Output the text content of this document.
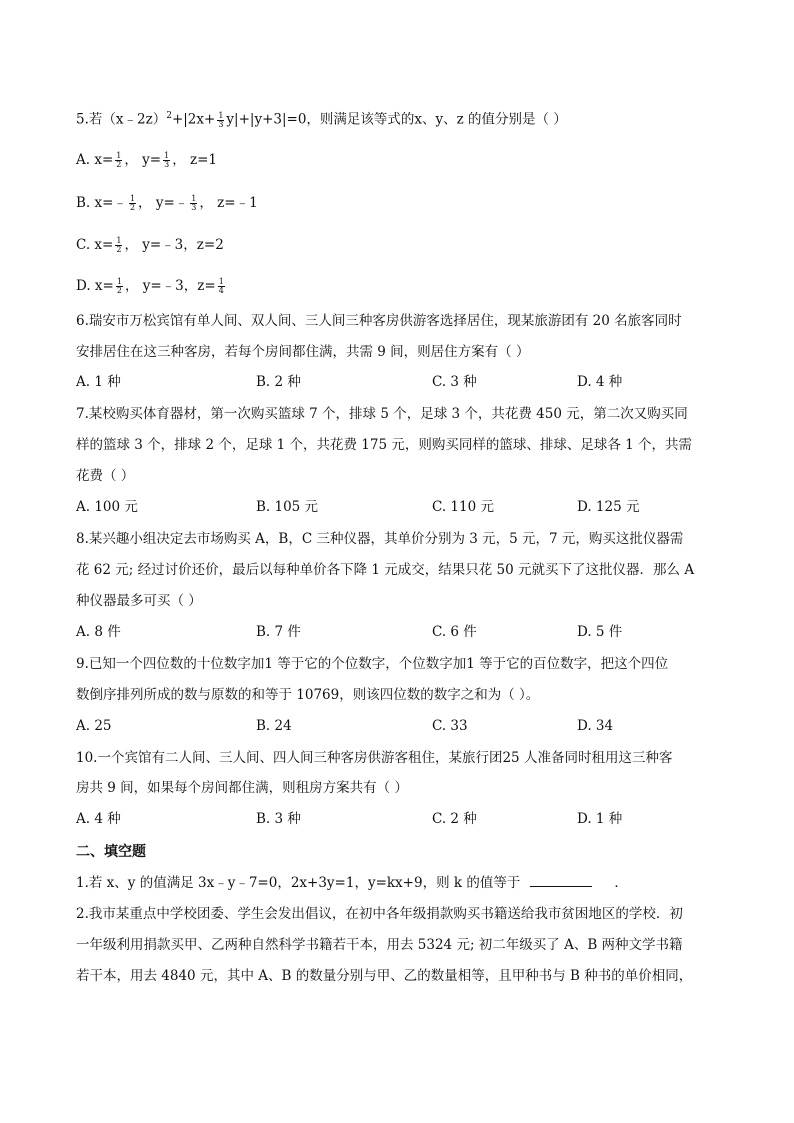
5.若（x﹣2z）$^2$+|2x+ $\frac{1}{3} y|+|y+3|=0$，则满足该等式的x、y、z 的值分别是（ ）
A. $x= \frac{1}{2}$ ， $y= \frac{1}{3}$ ， z=1
B. x=﹣ $\frac{1}{2}$ ， y=﹣ $\frac{1}{3}$ ， z=﹣1
C. $x= \frac{1}{2}$ ， y=﹣3，z=2
D. $x= \frac{1}{2}$ ， y=﹣3，$z= \frac{1}{4}$
6.瑞安市万松宾馆有单人间、双人间、三人间三种客房供游客选择居住，现某旅游团有 20 名旅客同时
安排居住在这三种客房，若每个房间都住满，共需 9 间，则居住方案有（ ）
A. 1 种	B. 2 种	C. 3 种	D. 4 种
7.某校购买体育器材，第一次购买篮球 7 个，排球 5 个，足球 3 个，共花费 450 元，第二次又购买同
样的篮球 3 个，排球 2 个，足球 1 个，共花费 175 元，则购买同样的篮球、排球、足球各 1 个，共需
花费（ ）
A. 100 元	B. 105 元	C. 110 元	D. 125 元
8.某兴趣小组决定去市场购买 A，B，C 三种仪器，其单价分别为 3 元，5 元，7 元，购买这批仪器需
花 62 元; 经过讨价还价，最后以每种单价各下降 1 元成交，结果只花 50 元就买下了这批仪器．那么 A
种仪器最多可买（ ）
A. 8 件	B. 7 件	C. 6 件	D. 5 件
9.已知一个四位数的十位数字加1 等于它的个位数字，个位数字加1 等于它的百位数字，把这个四位
数倒序排列所成的数与原数的和等于 10769，则该四位数的数字之和为（ ）。
A. 25	B. 24	C. 33	D. 34
10.一个宾馆有二人间、三人间、四人间三种客房供游客租住，某旅行团25 人准备同时租用这三种客
房共 9 间，如果每个房间都住满，则租房方案共有（ ）
A. 4 种	B. 3 种	C. 2 种	D. 1 种
二、填空题
1.若 x、y 的值满足 3x﹣y﹣7=0，2x+3y=1，y=kx+9，则 k 的值等于	．
2.我市某重点中学校团委、学生会发出倡议，在初中各年级捐款购买书籍送给我市贫困地区的学校．初
一年级利用捐款买甲、乙两种自然科学书籍若干本，用去 5324 元; 初二年级买了 A、B 两种文学书籍
若干本，用去 4840 元，其中 A、B 的数量分别与甲、乙的数量相等，且甲种书与 B 种书的单价相同，
